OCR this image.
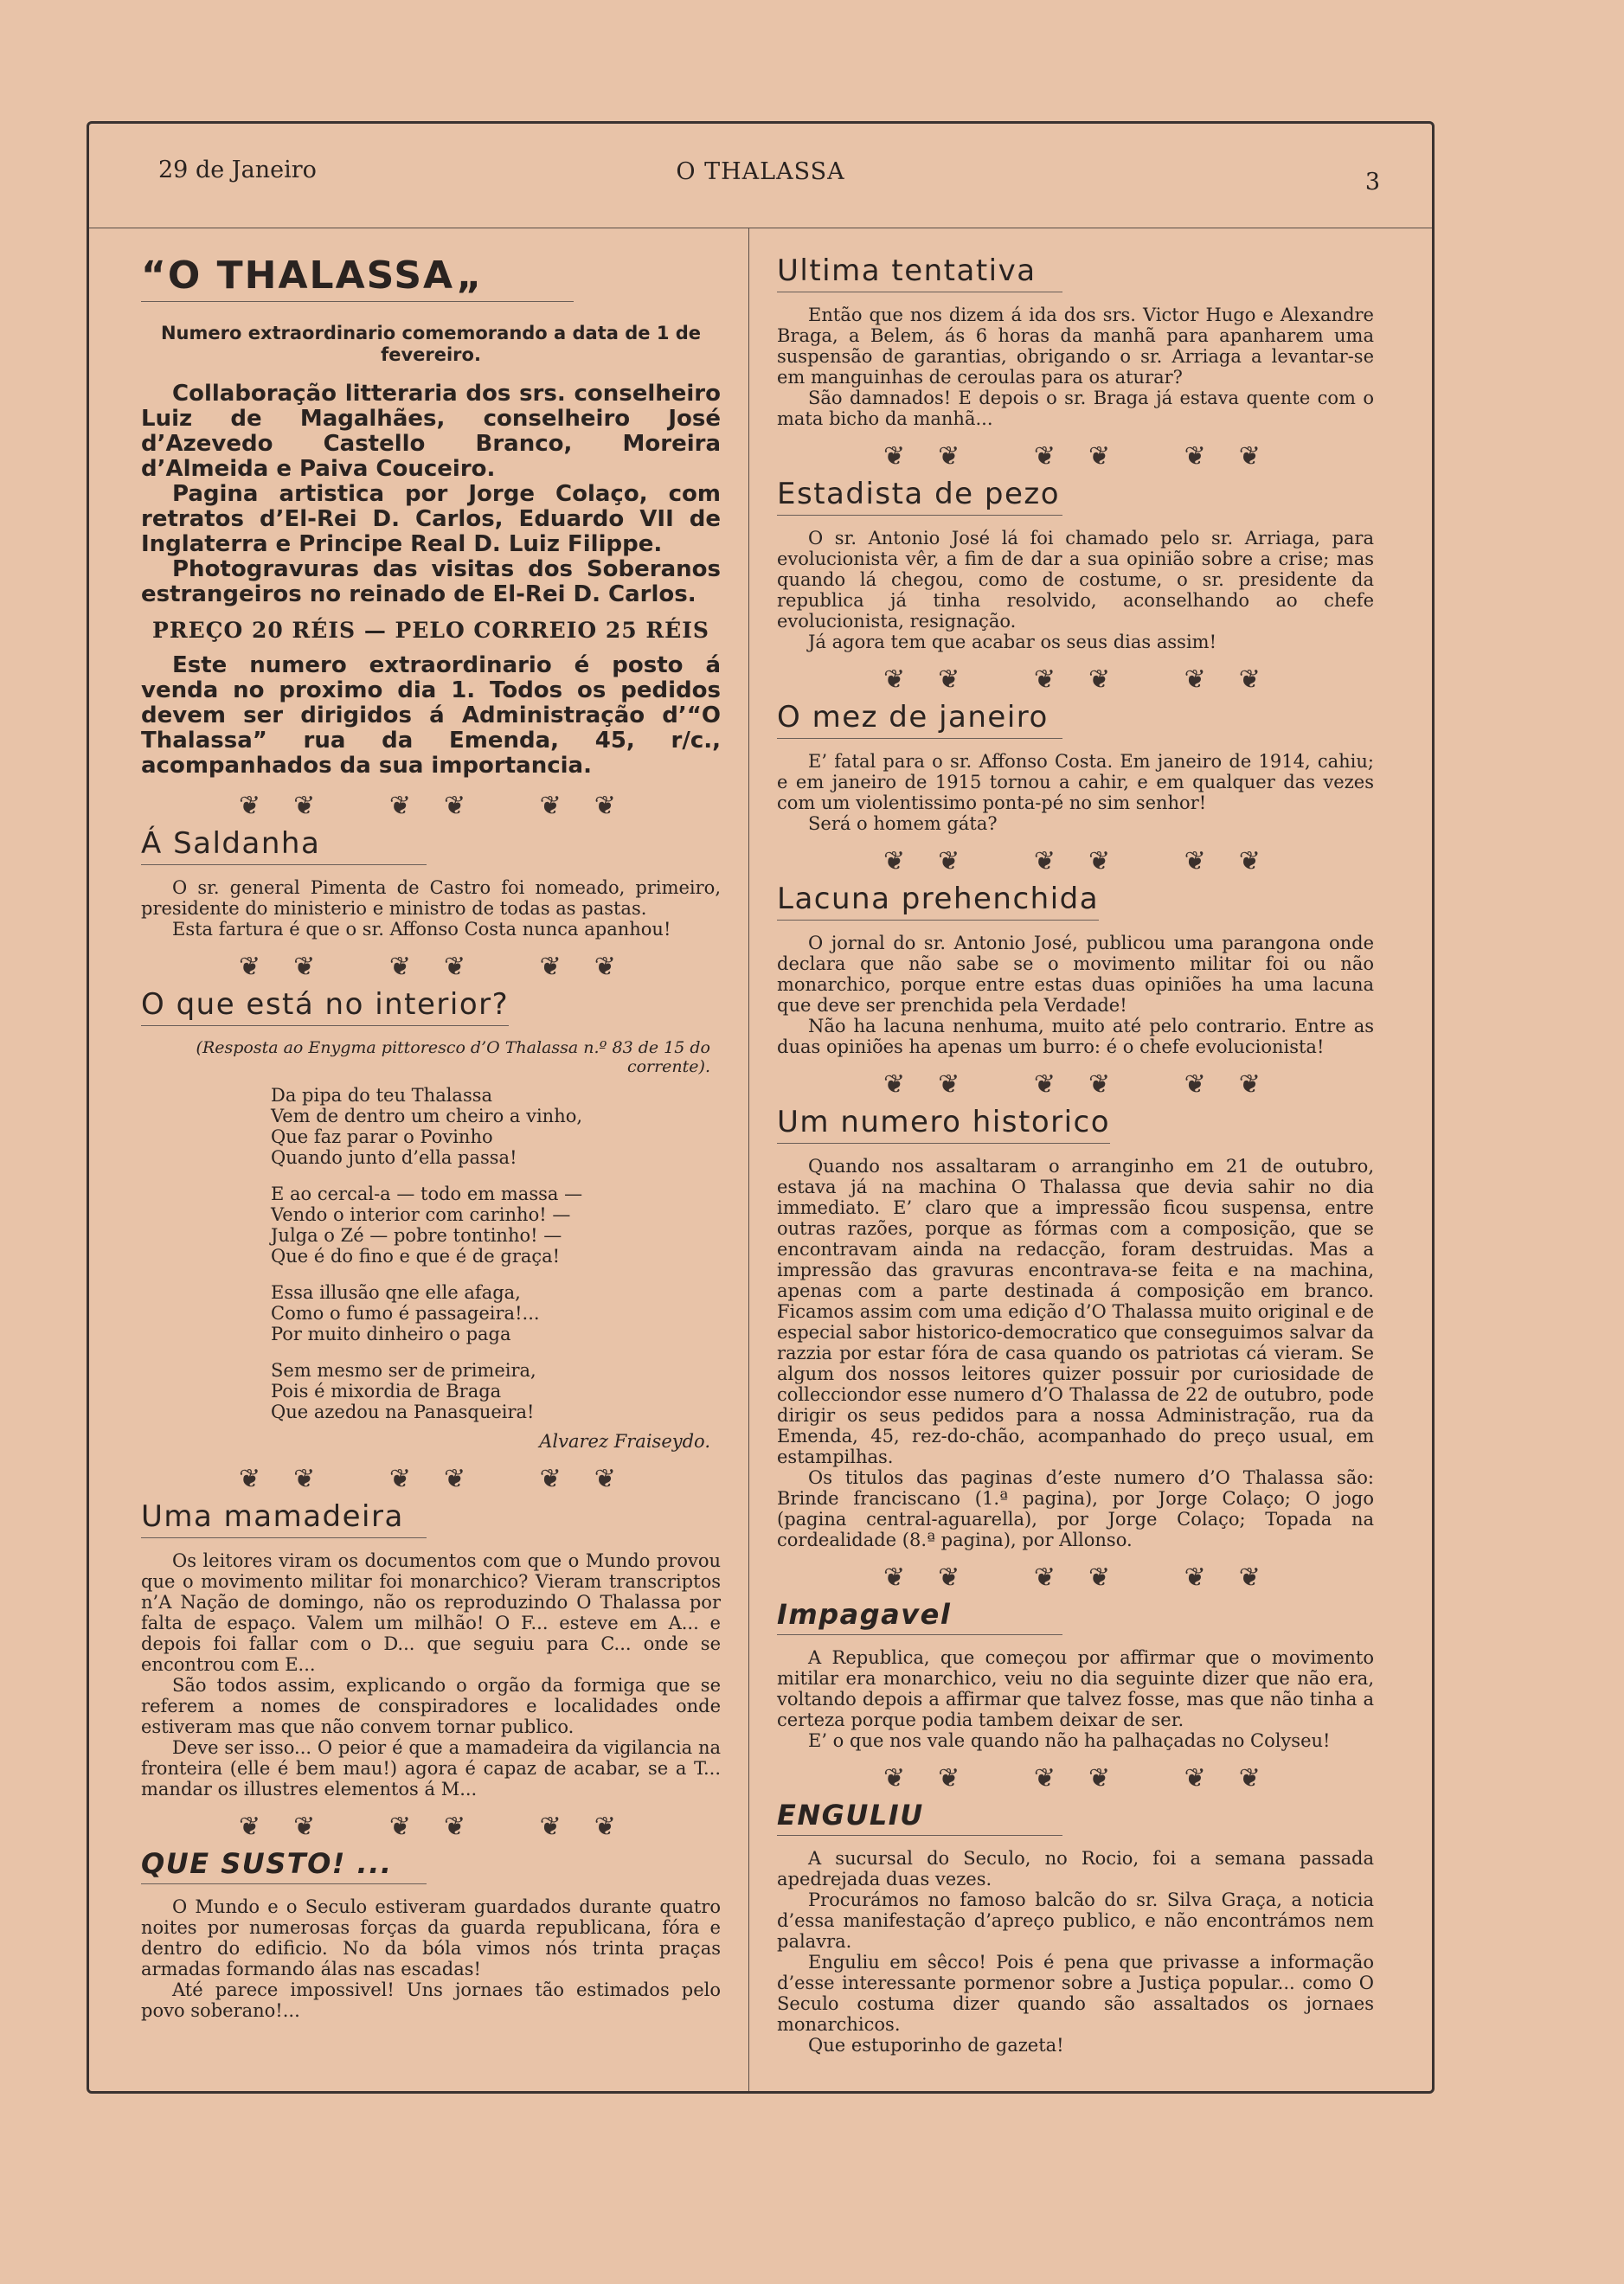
29 de Janeiro	O THALASSA	3
“O THALASSA„

Numero extraordinario comemorando a data de 1 de fevereiro.

Collaboração litteraria dos srs. conselheiro Luiz de Magalhães, conselheiro José d’Azevedo Castello Branco, Moreira d’Almeida e Paiva Couceiro.

Pagina artistica por Jorge Colaço, com retratos d’El-Rei D. Carlos, Eduardo VII de Inglaterra e Principe Real D. Luiz Filippe.

Photogravuras das visitas dos Soberanos estrangeiros no reinado de El-Rei D. Carlos.

PREÇO 20 RÉIS — PELO CORREIO 25 RÉIS

Este numero extraordinario é posto á venda no proximo dia 1. Todos os pedidos devem ser dirigidos á Administração d’“O Thalassa” rua da Emenda, 45, r/c., acompanhados da sua importancia.

❦❦ ❦❦ ❦❦
Á Saldanha

O sr. general Pimenta de Castro foi nomeado, primeiro, presidente do ministerio e ministro de todas as pastas.

Esta fartura é que o sr. Affonso Costa nunca apanhou!

❦❦ ❦❦ ❦❦
O que está no interior?

(Resposta ao Enygma pittoresco d’O Thalassa n.º 83 de 15 do corrente).

Da pipa do teu Thalassa
Vem de dentro um cheiro a vinho,
Que faz parar o Povinho
Quando junto d’ella passa!
E ao cercal-a — todo em massa —
Vendo o interior com carinho! —
Julga o Zé — pobre tontinho! —
Que é do fino e que é de graça!
Essa illusão qne elle afaga,
Como o fumo é passageira!...
Por muito dinheiro o paga
Sem mesmo ser de primeira,
Pois é mixordia de Braga
Que azedou na Panasqueira!
Alvarez Fraiseydo.
❦❦ ❦❦ ❦❦
Uma mamadeira

Os leitores viram os documentos com que o Mundo provou que o movimento militar foi monarchico? Vieram transcriptos n’A Nação de domingo, não os reproduzindo O Thalassa por falta de espaço. Valem um milhão! O F... esteve em A... e depois foi fallar com o D... que seguiu para C... onde se encontrou com E...

São todos assim, explicando o orgão da formiga que se referem a nomes de conspiradores e localidades onde estiveram mas que não convem tornar publico.

Deve ser isso... O peior é que a mamadeira da vigilancia na fronteira (elle é bem mau!) agora é capaz de acabar, se a T... mandar os illustres elementos á M...

❦❦ ❦❦ ❦❦
QUE SUSTO! ...

O Mundo e o Seculo estiveram guardados durante quatro noites por numerosas forças da guarda republicana, fóra e dentro do edificio. No da bóla vimos nós trinta praças armadas formando álas nas escadas!

Até parece impossivel! Uns jornaes tão estimados pelo povo soberano!...

Ultima tentativa

Então que nos dizem á ida dos srs. Victor Hugo e Alexandre Braga, a Belem, ás 6 horas da manhã para apanharem uma suspensão de garantias, obrigando o sr. Arriaga a levantar-se em manguinhas de ceroulas para os aturar?

São damnados! E depois o sr. Braga já estava quente com o mata bicho da manhã...

❦❦ ❦❦ ❦❦
Estadista de pezo

O sr. Antonio José lá foi chamado pelo sr. Arriaga, para evolucionista vêr, a fim de dar a sua opinião sobre a crise; mas quando lá chegou, como de costume, o sr. presidente da republica já tinha resolvido, aconselhando ao chefe evolucionista, resignação.

Já agora tem que acabar os seus dias assim!

❦❦ ❦❦ ❦❦
O mez de janeiro

E’ fatal para o sr. Affonso Costa. Em janeiro de 1914, cahiu; e em janeiro de 1915 tornou a cahir, e em qualquer das vezes com um violentissimo ponta-pé no sim senhor!

Será o homem gáta?

❦❦ ❦❦ ❦❦
Lacuna prehenchida

O jornal do sr. Antonio José, publicou uma parangona onde declara que não sabe se o movimento militar foi ou não monarchico, porque entre estas duas opiniões ha uma lacuna que deve ser prenchida pela Verdade!

Não ha lacuna nenhuma, muito até pelo contrario. Entre as duas opiniões ha apenas um burro: é o chefe evolucionista!

❦❦ ❦❦ ❦❦
Um numero historico

Quando nos assaltaram o arranginho em 21 de outubro, estava já na machina O Thalassa que devia sahir no dia immediato. E’ claro que a impressão ficou suspensa, entre outras razões, porque as fórmas com a composição, que se encontravam ainda na redacção, foram destruidas. Mas a impressão das gravuras encontrava-se feita e na machina, apenas com a parte destinada á composição em branco. Ficamos assim com uma edição d’O Thalassa muito original e de especial sabor historico-democratico que conseguimos salvar da razzia por estar fóra de casa quando os patriotas cá vieram. Se algum dos nossos leitores quizer possuir por curiosidade de collecciondor esse numero d’O Thalassa de 22 de outubro, pode dirigir os seus pedidos para a nossa Administração, rua da Emenda, 45, rez-do-chão, acompanhado do preço usual, em estampilhas.

Os titulos das paginas d’este numero d’O Thalassa são: Brinde franciscano (1.ª pagina), por Jorge Colaço; O jogo (pagina central-aguarella), por Jorge Colaço; Topada na cordealidade (8.ª pagina), por Allonso.

❦❦ ❦❦ ❦❦
Impagavel

A Republica, que começou por affirmar que o movimento mitilar era monarchico, veiu no dia seguinte dizer que não era, voltando depois a affirmar que talvez fosse, mas que não tinha a certeza porque podia tambem deixar de ser.

E’ o que nos vale quando não ha palhaçadas no Colyseu!

❦❦ ❦❦ ❦❦
ENGULIU

A sucursal do Seculo, no Rocio, foi a semana passada apedrejada duas vezes.

Procurámos no famoso balcão do sr. Silva Graça, a noticia d’essa manifestação d’apreço publico, e não encontrámos nem palavra.

Enguliu em sêcco! Pois é pena que privasse a informação d’esse interessante pormenor sobre a Justiça popular... como O Seculo costuma dizer quando são assaltados os jornaes monarchicos.

Que estuporinho de gazeta!
